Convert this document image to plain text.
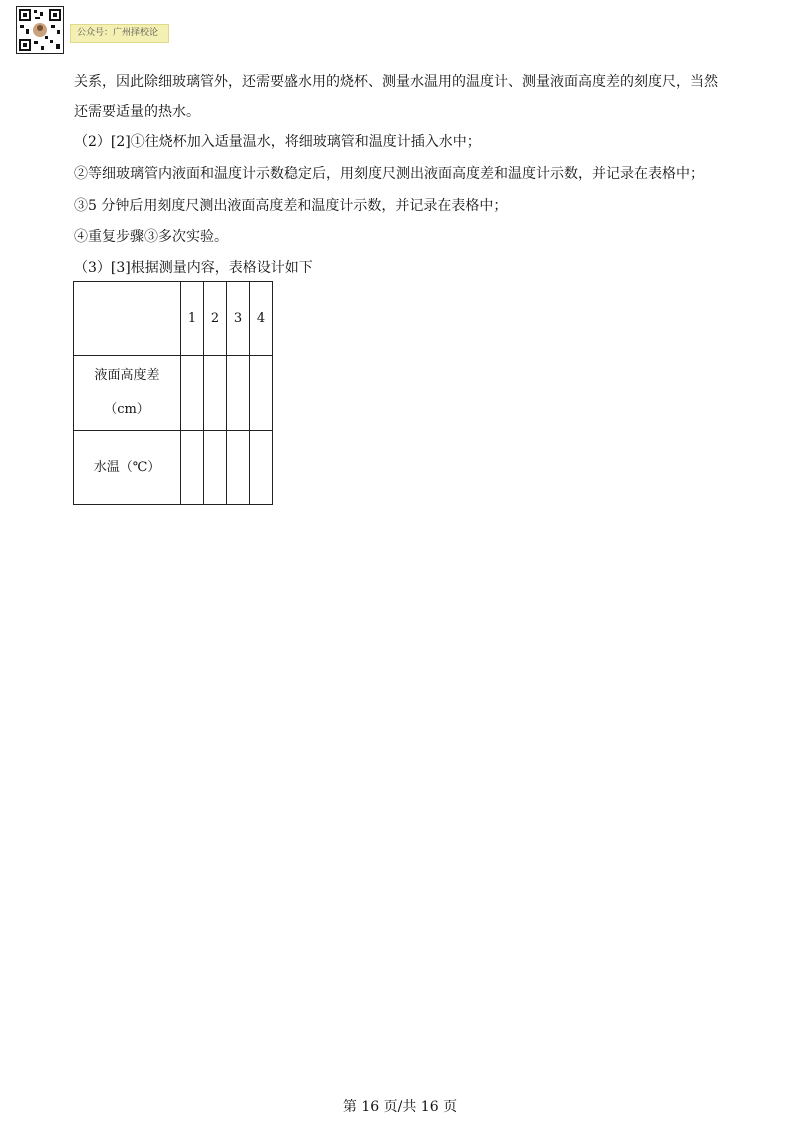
公众号：广州择校论
关系，因此除细玻璃管外，还需要盛水用的烧杯、测量水温用的温度计、测量液面高度差的刻度尺，当然
还需要适量的热水。
（2）[2]①往烧杯加入适量温水，将细玻璃管和温度计插入水中；
②等细玻璃管内液面和温度计示数稳定后，用刻度尺测出液面高度差和温度计示数，并记录在表格中；
③5 分钟后用刻度尺测出液面高度差和温度计示数，并记录在表格中；
④重复步骤③多次实验。
（3）[3]根据测量内容，表格设计如下
	1	2	3	4

液面高度差
（cm）				

水温（℃）				
第 16 页/共 16 页
